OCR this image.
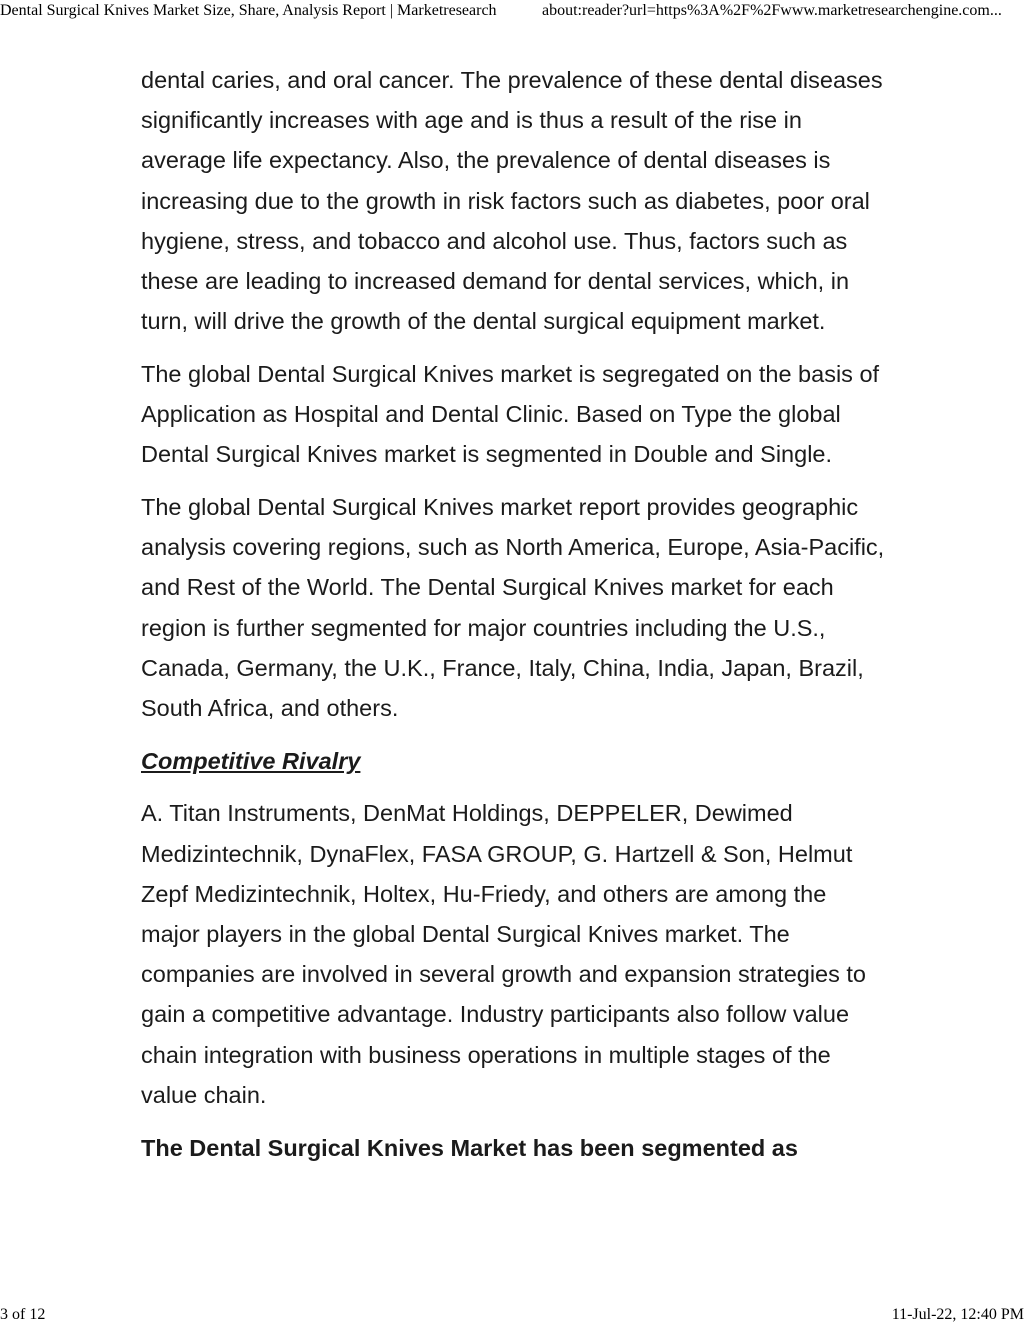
Dental Surgical Knives Market Size, Share, Analysis Report | Marketresearch	about:reader?url=https%3A%2F%2Fwww.marketresearchengine.com...

dental caries, and oral cancer. The prevalence of these dental diseases significantly increases with age and is thus a result of the rise in average life expectancy. Also, the prevalence of dental diseases is increasing due to the growth in risk factors such as diabetes, poor oral hygiene, stress, and tobacco and alcohol use. Thus, factors such as these are leading to increased demand for dental services, which, in turn, will drive the growth of the dental surgical equipment market.

The global Dental Surgical Knives market is segregated on the basis of Application as Hospital and Dental Clinic. Based on Type the global Dental Surgical Knives market is segmented in Double and Single.

The global Dental Surgical Knives market report provides geographic analysis covering regions, such as North America, Europe, Asia-Pacific, and Rest of the World. The Dental Surgical Knives market for each region is further segmented for major countries including the U.S., Canada, Germany, the U.K., France, Italy, China, India, Japan, Brazil, South Africa, and others.

Competitive Rivalry

A. Titan Instruments, DenMat Holdings, DEPPELER, Dewimed Medizintechnik, DynaFlex, FASA GROUP, G. Hartzell & Son, Helmut Zepf Medizintechnik, Holtex, Hu-Friedy, and others are among the major players in the global Dental Surgical Knives market. The companies are involved in several growth and expansion strategies to gain a competitive advantage. Industry participants also follow value chain integration with business operations in multiple stages of the value chain.

The Dental Surgical Knives Market has been segmented as

3 of 12	11-Jul-22, 12:40 PM
